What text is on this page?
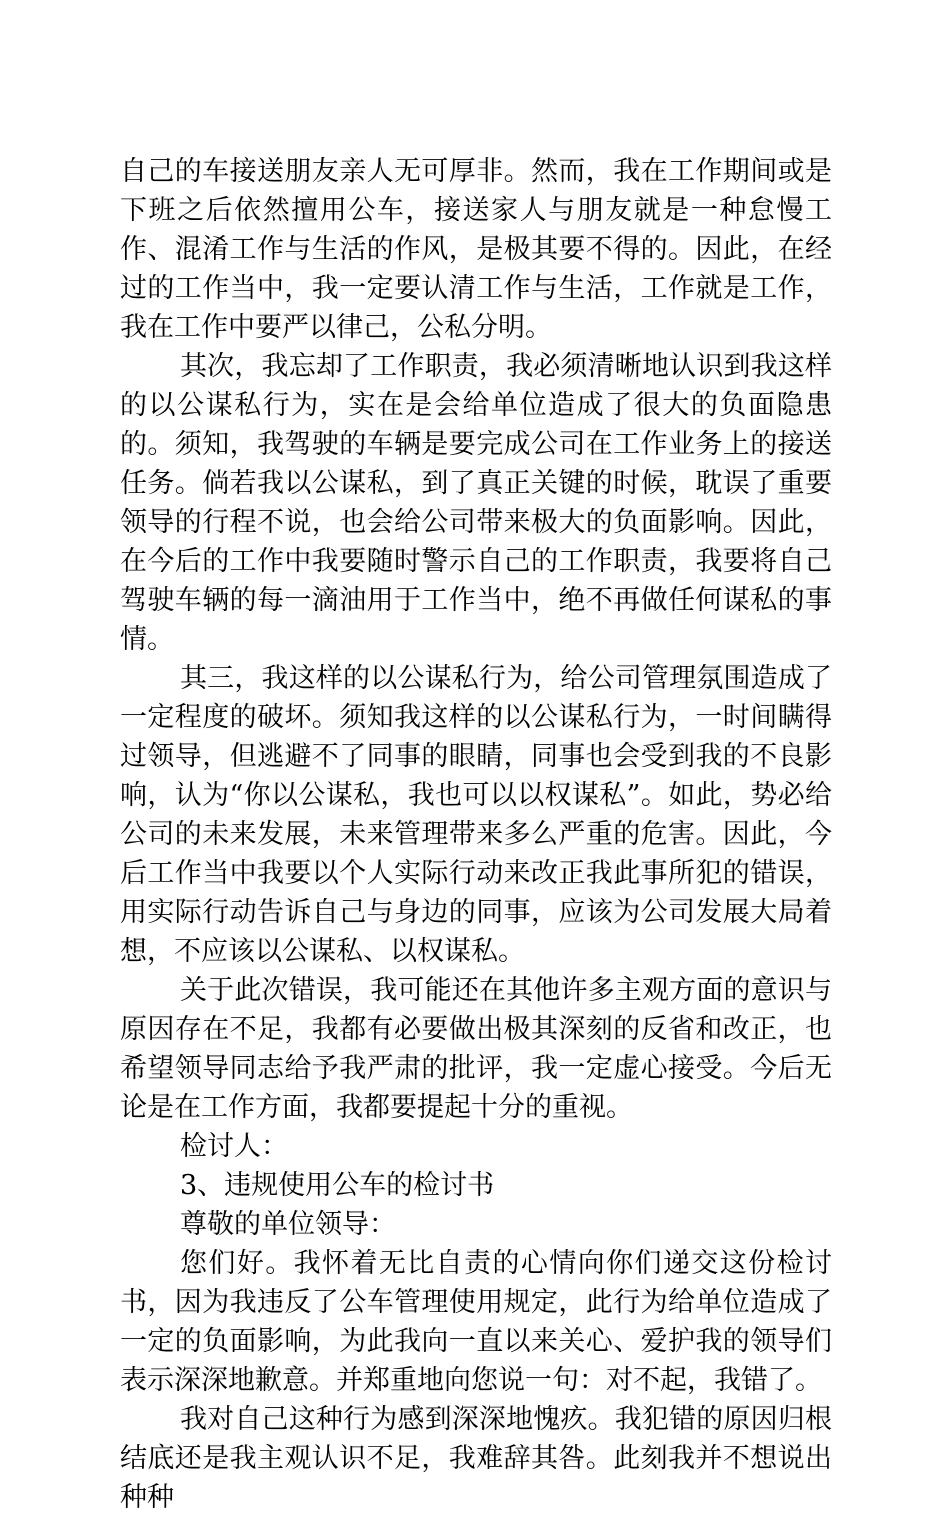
自己的车接送朋友亲人无可厚非。然而，我在工作期间或是下班之后依然擅用公车，接送家人与朋友就是一种怠慢工作、混淆工作与生活的作风，是极其要不得的。因此，在经过的工作当中，我一定要认清工作与生活，工作就是工作，我在工作中要严以律己，公私分明。

其次，我忘却了工作职责，我必须清晰地认识到我这样的以公谋私行为，实在是会给单位造成了很大的负面隐患的。须知，我驾驶的车辆是要完成公司在工作业务上的接送任务。倘若我以公谋私，到了真正关键的时候，耽误了重要领导的行程不说，也会给公司带来极大的负面影响。因此，在今后的工作中我要随时警示自己的工作职责，我要将自己驾驶车辆的每一滴油用于工作当中，绝不再做任何谋私的事情。

其三，我这样的以公谋私行为，给公司管理氛围造成了一定程度的破坏。须知我这样的以公谋私行为，一时间瞒得过领导，但逃避不了同事的眼睛，同事也会受到我的不良影响，认为“你以公谋私，我也可以以权谋私”。如此，势必给公司的未来发展，未来管理带来多么严重的危害。因此，今后工作当中我要以个人实际行动来改正我此事所犯的错误，用实际行动告诉自己与身边的同事，应该为公司发展大局着想，不应该以公谋私、以权谋私。

关于此次错误，我可能还在其他许多主观方面的意识与原因存在不足，我都有必要做出极其深刻的反省和改正，也希望领导同志给予我严肃的批评，我一定虚心接受。今后无论是在工作方面，我都要提起十分的重视。

检讨人：

3、违规使用公车的检讨书

尊敬的单位领导：

您们好。我怀着无比自责的心情向你们递交这份检讨书，因为我违反了公车管理使用规定，此行为给单位造成了一定的负面影响，为此我向一直以来关心、爱护我的领导们表示深深地歉意。并郑重地向您说一句：对不起，我错了。

我对自己这种行为感到深深地愧疚。我犯错的原因归根结底还是我主观认识不足，我难辞其咎。此刻我并不想说出种种
